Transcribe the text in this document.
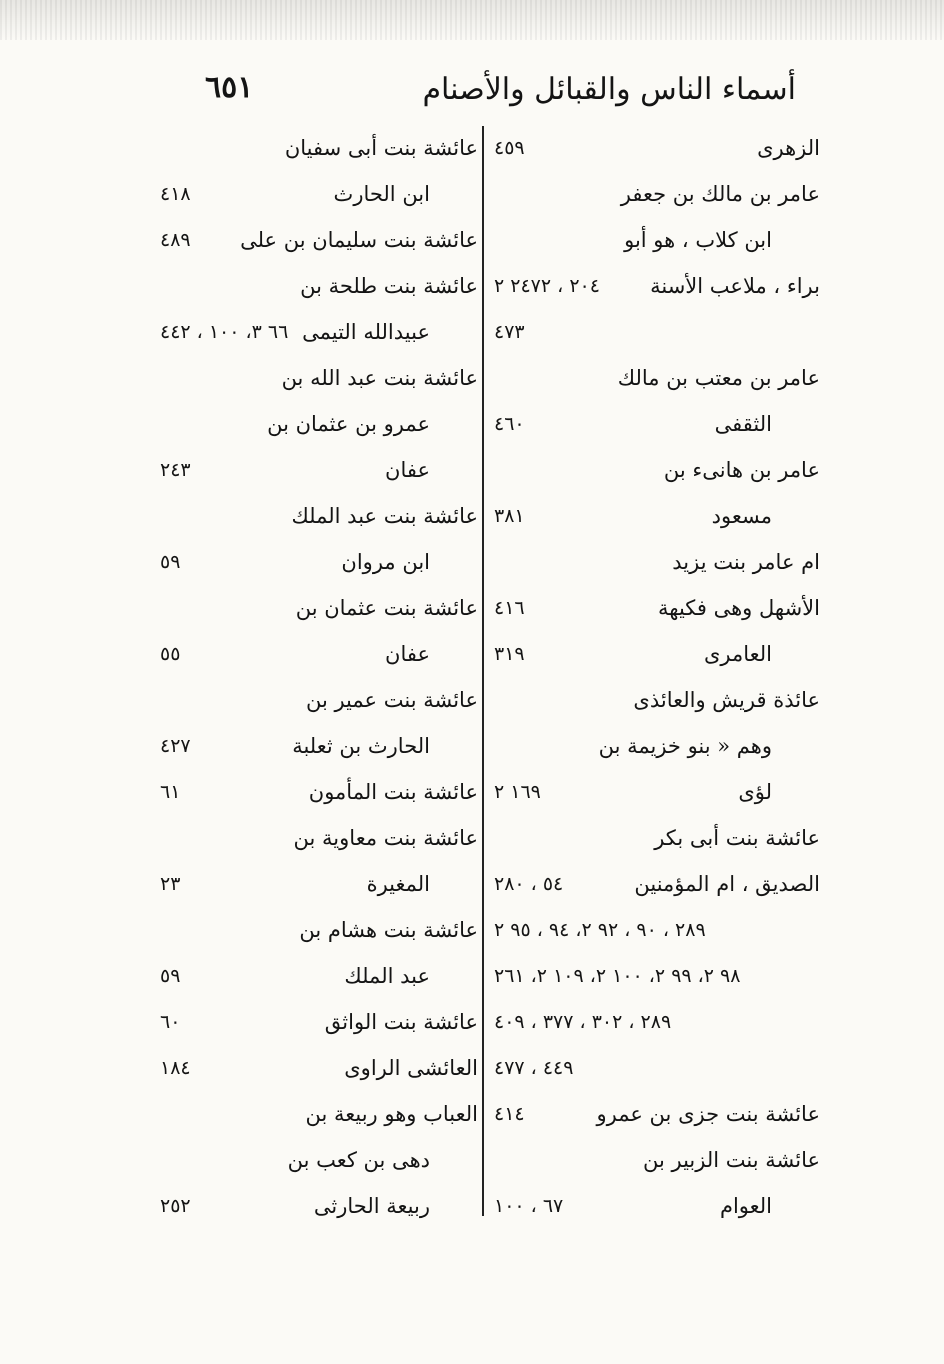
أسماء الناس والقبائل والأصنام
٦٥١
الزهرى
٤٥٩
عامر بن مالك بن جعفر
ابن كلاب ، هو أبو
براء ، ملاعب الأسنة
٢٠٤ ، ٢٤٧٢ ٢
٤٧٣
عامر بن معتب بن مالك
الثقفى
٤٦٠
عامر بن هانىء بن
مسعود
٣٨١
ام عامر بنت يزيد
الأشهل وهى فكيهة
٤١٦
العامرى
٣١٩
عائذة قريش والعائذى
وهم « بنو خزيمة بن
لؤى
١٦٩ ٢
عائشة بنت أبى بكر
الصديق ، ام المؤمنين
٥٤ ، ٢٨٠
٢٨٩ ، ٩٠ ، ٩٢ ٢، ٩٤ ، ٩٥ ٢
٩٨ ٢، ٩٩ ٢، ١٠٠ ٢، ١٠٩ ٢، ٢٦١
٢٨٩ ، ٣٠٢ ، ٣٧٧ ، ٤٠٩
٤٤٩ ، ٤٧٧
عائشة بنت جزى بن عمرو
٤١٤
عائشة بنت الزبير بن
العوام
٦٧ ، ١٠٠
عائشة بنت أبى سفيان
ابن الحارث
٤١٨
عائشة بنت سليمان بن على
٤٨٩
عائشة بنت طلحة بن
عبيدالله التيمى
٦٦ ٣، ١٠٠ ، ٤٤٢
عائشة بنت عبد الله بن
عمرو بن عثمان بن
عفان
٢٤٣
عائشة بنت عبد الملك
ابن مروان
٥٩
عائشة بنت عثمان بن
عفان
٥٥
عائشة بنت عمير بن
الحارث بن ثعلبة
٤٢٧
عائشة بنت المأمون
٦١
عائشة بنت معاوية بن
المغيرة
٢٣
عائشة بنت هشام بن
عبد الملك
٥٩
عائشة بنت الواثق
٦٠
العائشى الراوى
١٨٤
العباب وهو ربيعة بن
دهى بن كعب بن
ربيعة الحارثى
٢٥٢
